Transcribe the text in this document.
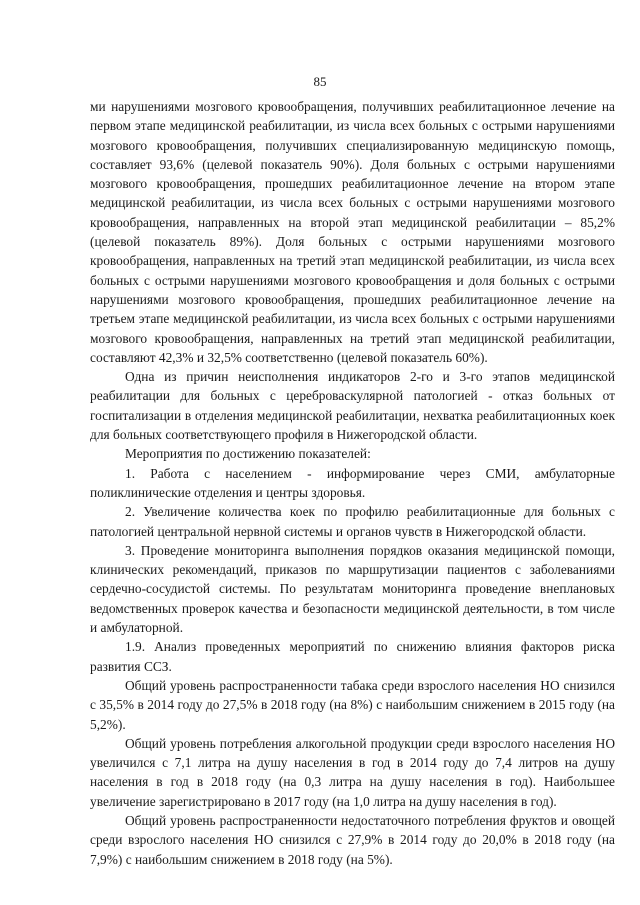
85

ми нарушениями мозгового кровообращения, получивших реабилитационное лечение на первом этапе медицинской реабилитации, из числа всех больных с острыми нарушениями мозгового кровообращения, получивших специализированную медицинскую помощь, составляет 93,6% (целевой показатель 90%). Доля больных с острыми нарушениями мозгового кровообращения, прошедших реабилитационное лечение на втором этапе медицинской реабилитации, из числа всех больных с острыми нарушениями мозгового кровообращения, направленных на второй этап медицинской реабилитации – 85,2% (целевой показатель 89%). Доля больных с острыми нарушениями мозгового кровообращения, направленных на третий этап медицинской реабилитации, из числа всех больных с острыми нарушениями мозгового кровообращения и доля больных с острыми нарушениями мозгового кровообращения, прошедших реабилитационное лечение на третьем этапе медицинской реабилитации, из числа всех больных с острыми нарушениями мозгового кровообращения, направленных на третий этап медицинской реабилитации, составляют 42,3% и 32,5% соответственно (целевой показатель 60%).

Одна из причин неисполнения индикаторов 2-го и 3-го этапов медицинской реабилитации для больных с цереброваскулярной патологией - отказ больных от госпитализации в отделения медицинской реабилитации, нехватка реабилитационных коек для больных соответствующего профиля в Нижегородской области.

Мероприятия по достижению показателей:

1. Работа с населением - информирование через СМИ, амбулаторные поликлинические отделения и центры здоровья.

2. Увеличение количества коек по профилю реабилитационные для больных с патологией центральной нервной системы и органов чувств в Нижегородской области.

3. Проведение мониторинга выполнения порядков оказания медицинской помощи, клинических рекомендаций, приказов по маршрутизации пациентов с заболеваниями сердечно-сосудистой системы. По результатам мониторинга проведение внеплановых ведомственных проверок качества и безопасности медицинской деятельности, в том числе и амбулаторной.

1.9. Анализ проведенных мероприятий по снижению влияния факторов риска развития ССЗ.

Общий уровень распространенности табака среди взрослого населения НО снизился с 35,5% в 2014 году до 27,5% в 2018 году (на 8%) с наибольшим снижением в 2015 году (на 5,2%).

Общий уровень потребления алкогольной продукции среди взрослого населения НО увеличился с 7,1 литра на душу населения в год в 2014 году до 7,4 литров на душу населения в год в 2018 году (на 0,3 литра на душу населения в год). Наибольшее увеличение зарегистрировано в 2017 году (на 1,0 литра на душу населения в год).

Общий уровень распространенности недостаточного потребления фруктов и овощей среди взрослого населения НО снизился с 27,9% в 2014 году до 20,0% в 2018 году (на 7,9%) с наибольшим снижением в 2018 году (на 5%).
